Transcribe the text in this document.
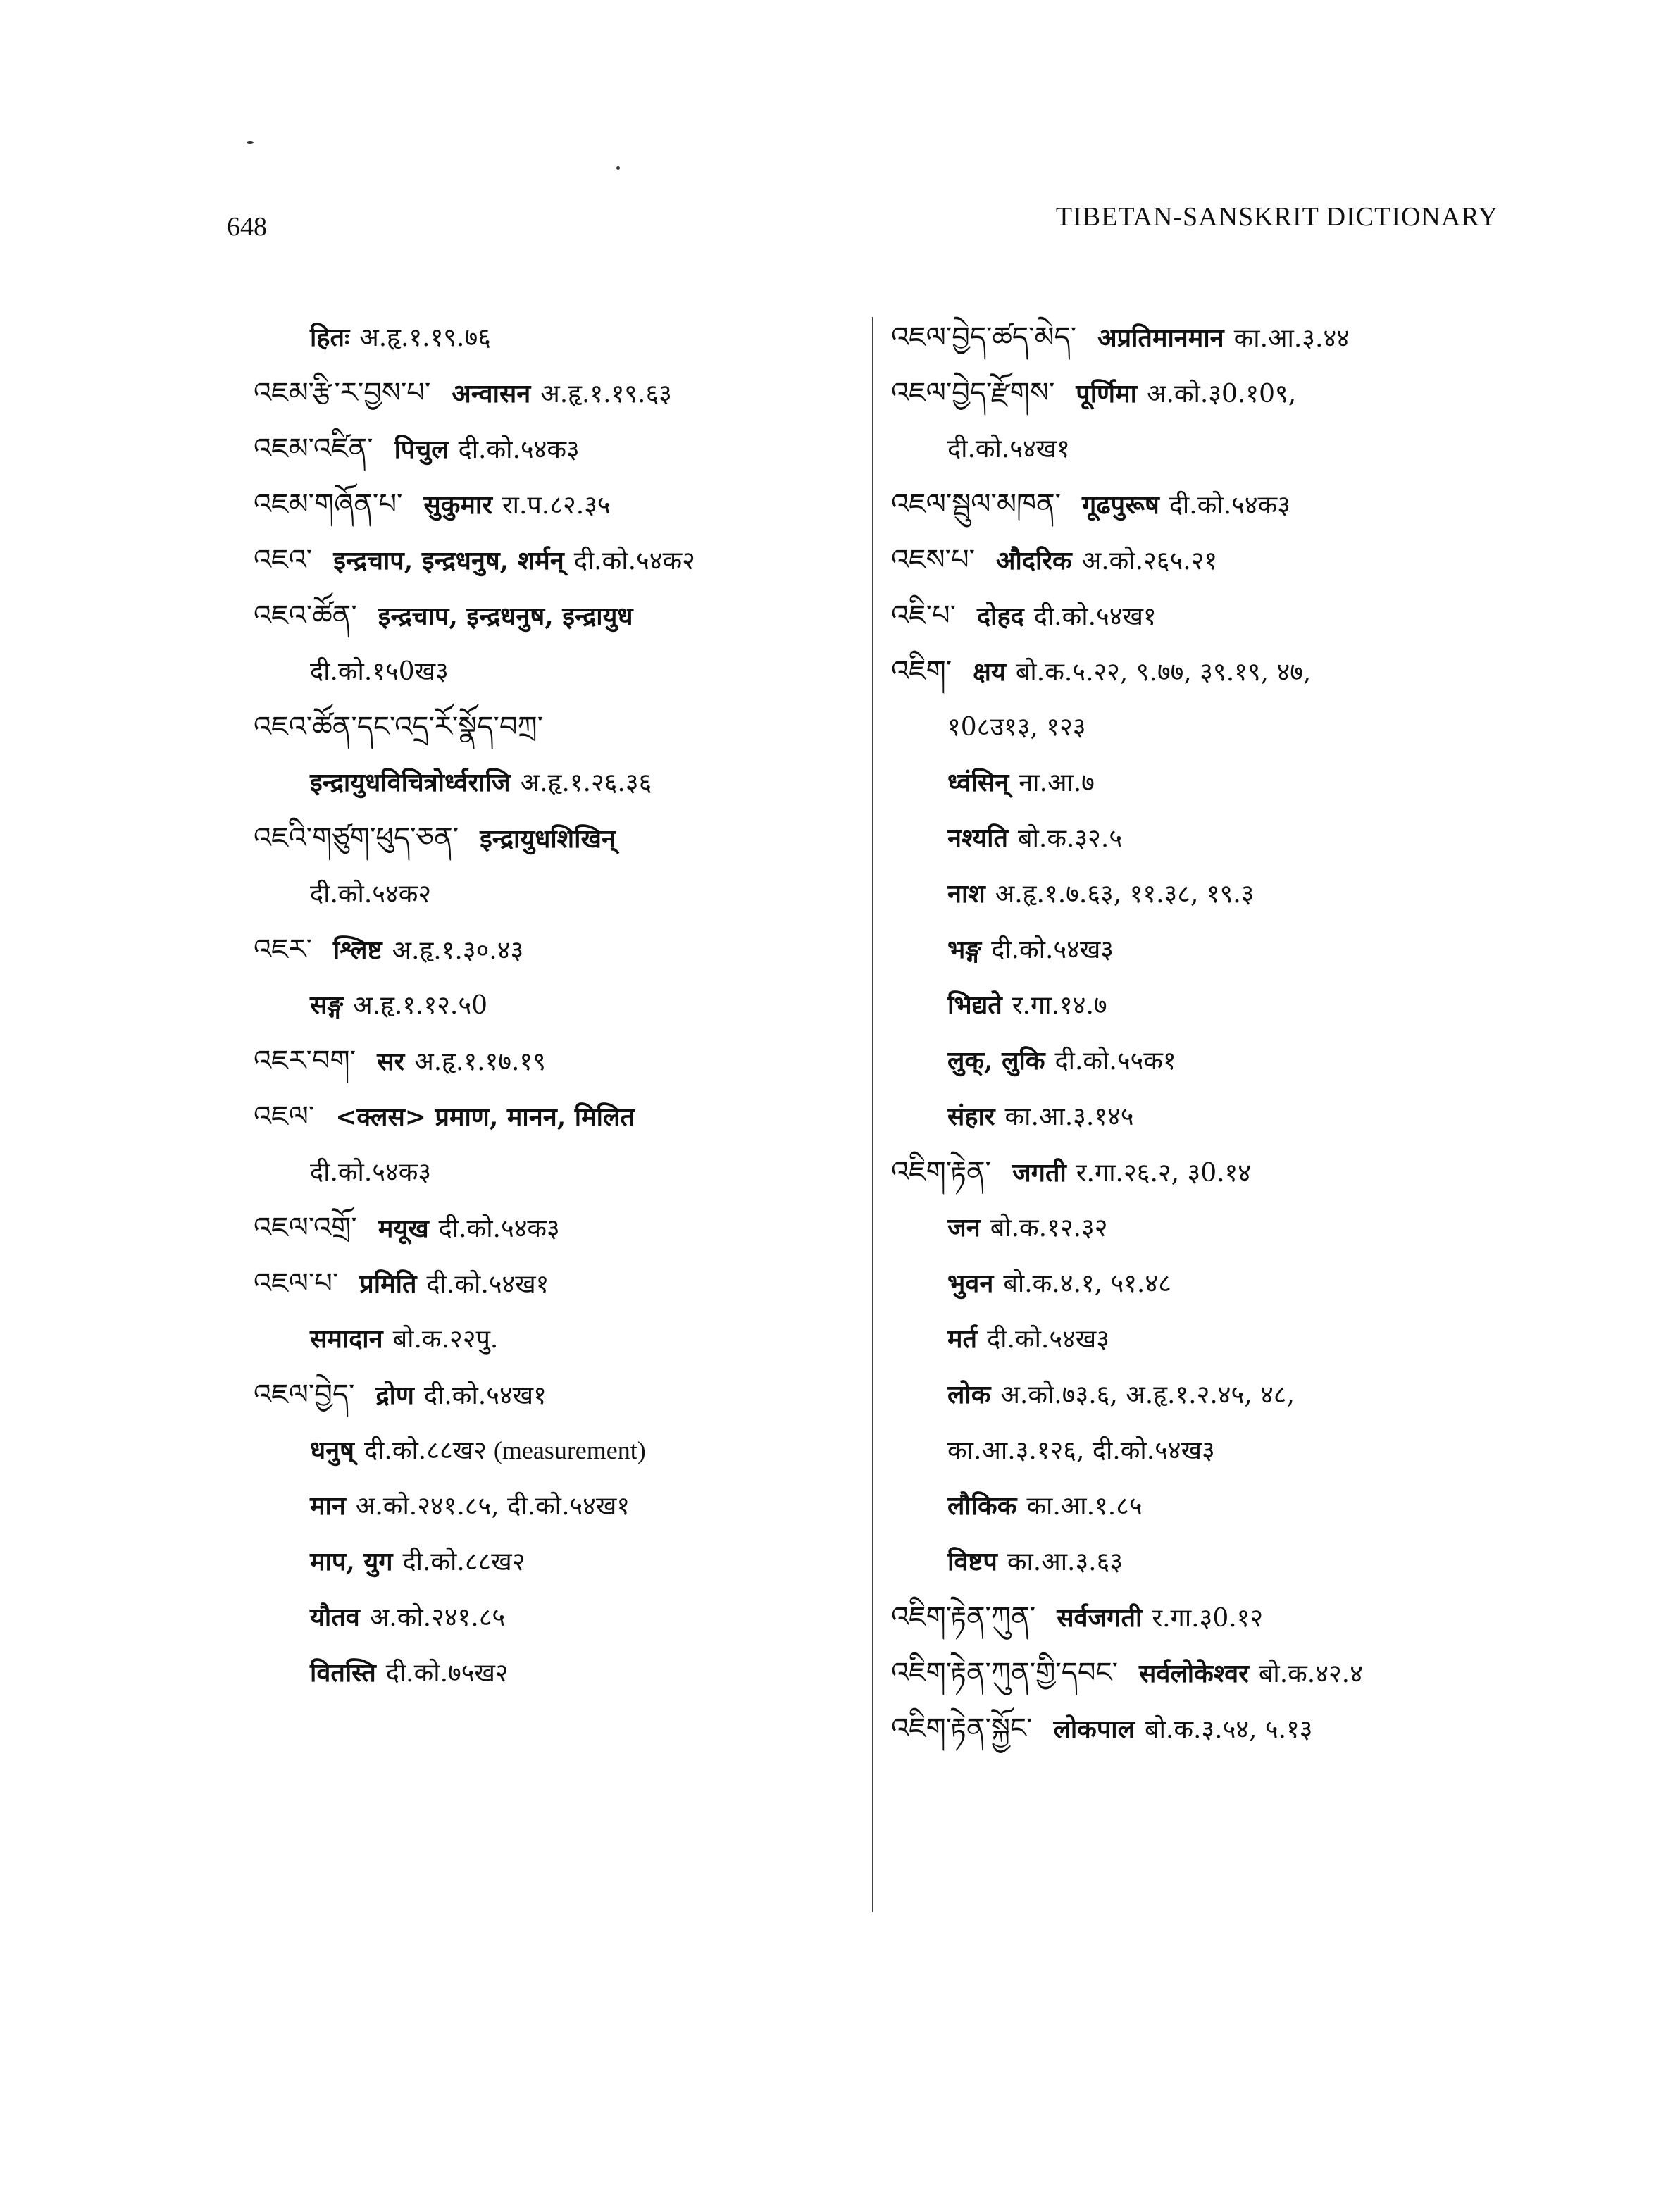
648	TIBETAN-SANSKRIT DICTIONARY
हितः अ.हृ.१.१९.७६
འཇམ་རྩི་ར་བྱས་པ་ अन्वासन अ.हृ.१.१९.६३
འཇམ་འཛིན་ पिचुल दी.को.५४क३
འཇམ་གཞོན་པ་ सुकुमार रा.प.८२.३५
འཇའ་ इन्द्रचाप, इन्द्रधनुष, शर्मन् दी.को.५४क२
འཇའ་ཚོན་ इन्द्रचाप, इन्द्रधनुष, इन्द्रायुध
दी.को.१५0ख३
འཇའ་ཚོན་དང་འདྲ་རོ་སྣོད་བཀྲ་
इन्द्रायुधविचित्रोर्ध्वराजि अ.हृ.१.२६.३६
འཇའི་གཙུག་ཕུད་ཅན་ इन्द्रायुधशिखिन्
दी.को.५४क२
འཇར་ श्लिष्ट अ.हृ.१.३०.४३
सङ्ग अ.हृ.१.१२.५0
འཇར་བག་ सर अ.हृ.१.१७.१९
འཇལ་ <क्लस> प्रमाण, मानन, मिलित
दी.को.५४क३
འཇལ་འགྲོ་ मयूख दी.को.५४क३
འཇལ་པ་ प्रमिति दी.को.५४ख१
समादान बो.क.२२पु.
འཇལ་བྱེད་ द्रोण दी.को.५४ख१
धनुष् दी.को.८८ख२ (measurement)
मान अ.को.२४१.८५, दी.को.५४ख१
माप, युग दी.को.८८ख२
यौतव अ.को.२४१.८५
वितस्ति दी.को.७५ख२
འཇལ་བྱེད་ཚད་མེད་ अप्रतिमानमान का.आ.३.४४
འཇལ་བྱེད་རྫོགས་ पूर्णिमा अ.को.३0.१0९,
दी.को.५४ख१
འཇལ་སྦུལ་མཁན་ गूढपुरूष दी.को.५४क३
འཇས་པ་ औदरिक अ.को.२६५.२१
འཇི་པ་ दोहद दी.को.५४ख१
འཇིག་ क्षय बो.क.५.२२, ९.७७, ३९.१९, ४७,
१0८उ१३, १२३
ध्वंसिन् ना.आ.७
नश्यति बो.क.३२.५
नाश अ.हृ.१.७.६३, ११.३८, १९.३
भङ्ग दी.को.५४ख३
भिद्यते र.गा.१४.७
लुक्, लुकि दी.को.५५क१
संहार का.आ.३.१४५
འཇིག་རྟེན་ जगती र.गा.२६.२, ३0.१४
जन बो.क.१२.३२
भुवन बो.क.४.१, ५१.४८
मर्त दी.को.५४ख३
लोक अ.को.७३.६, अ.हृ.१.२.४५, ४८,
का.आ.३.१२६, दी.को.५४ख३
लौकिक का.आ.१.८५
विष्टप का.आ.३.६३
འཇིག་རྟེན་ཀུན་ सर्वजगती र.गा.३0.१२
འཇིག་རྟེན་ཀུན་གྱི་དབང་ सर्वलोकेश्वर बो.क.४२.४
འཇིག་རྟེན་སྐྱོང་ लोकपाल बो.क.३.५४, ५.१३
